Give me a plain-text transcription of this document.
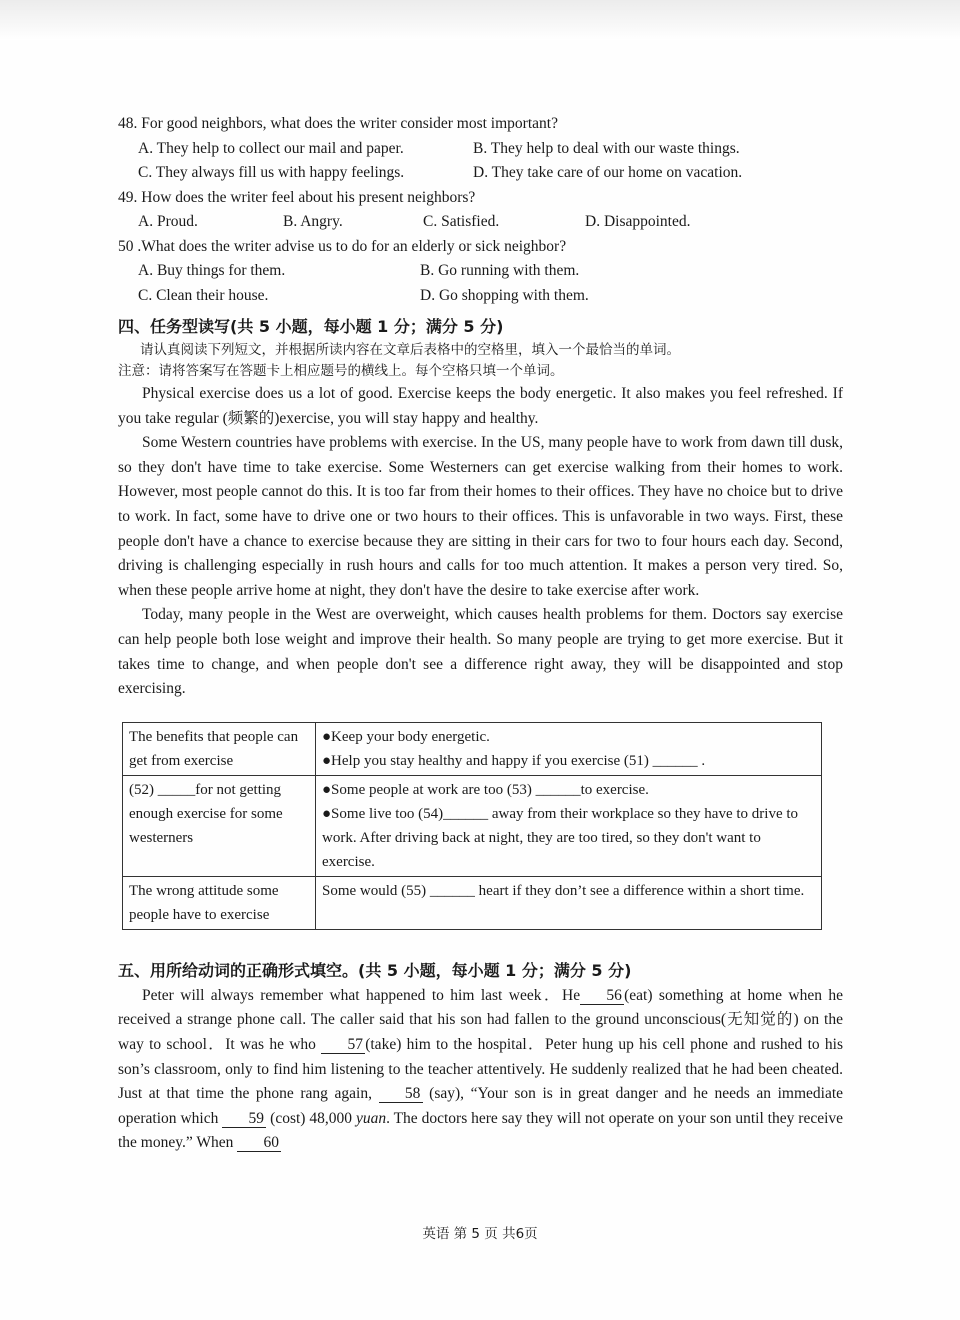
48. For good neighbors, what does the writer consider most important?

A. They help to collect our mail and paper.	B. They help to deal with our waste things.
C. They always fill us with happy feelings.	D. They take care of our home on vacation.

49. How does the writer feel about his present neighbors?

A. Proud.	B. Angry.	C. Satisfied.	D. Disappointed.

50 .What does the writer advise us to do for an elderly or sick neighbor?

A. Buy things for them.	B. Go running with them.
C. Clean their house.	D. Go shopping with them.
四、任务型读写(共 5 小题，每小题 1 分；满分 5 分)
请认真阅读下列短文，并根据所读内容在文章后表格中的空格里，填入一个最恰当的单词。
注意：请将答案写在答题卡上相应题号的横线上。每个空格只填一个单词。

Physical exercise does us a lot of good. Exercise keeps the body energetic. It also makes you feel refreshed. If you take regular (频繁的)exercise, you will stay happy and healthy.

Some Western countries have problems with exercise. In the US, many people have to work from dawn till dusk, so they don't have time to take exercise. Some Westerners can get exercise walking from their homes to work. However, most people cannot do this. It is too far from their homes to their offices. They have no choice but to drive to work. In fact, some have to drive one or two hours to their offices. This is unfavorable in two ways. First, these people don't have a chance to exercise because they are sitting in their cars for two to four hours each day. Second, driving is challenging especially in rush hours and calls for too much attention. It makes a person very tired. So, when these people arrive home at night, they don't have the desire to take exercise after work.

Today, many people in the West are overweight, which causes health problems for them. Doctors say exercise can help people both lose weight and improve their health. So many people are trying to get more exercise. But it takes time to change, and when people don't see a difference right away, they will be disappointed and stop exercising.

The benefits that people can get from exercise	●Keep your body energetic.
●Help you stay healthy and happy if you exercise (51) ______ .

(52) _____for not getting enough exercise for some westerners	●Some people at work are too (53) ______to exercise.
●Some live too (54)______ away from their workplace so they have to drive to work. After driving back at night, they are too tired, so they don't want to exercise.

The wrong attitude some people have to exercise	Some would (55) ______ heart if they don’t see a difference within a short time.
五、用所给动词的正确形式填空。(共 5 小题，每小题 1 分；满分 5 分)

Peter will always remember what happened to him last week．He 56 (eat) something at home when he received a strange phone call. The caller said that his son had fallen to the ground unconscious(无知觉的) on the way to school．It was he who 57 (take) him to the hospital．Peter hung up his cell phone and rushed to his son’s classroom, only to find him listening to the teacher attentively. He suddenly realized that he had been cheated. Just at that time the phone rang again, 58 (say), “Your son is in great danger and he needs an immediate operation which 59 (cost) 48,000 yuan. The doctors here say they will not operate on your son until they receive the money.” When 60

英语 第 5 页 共6页
